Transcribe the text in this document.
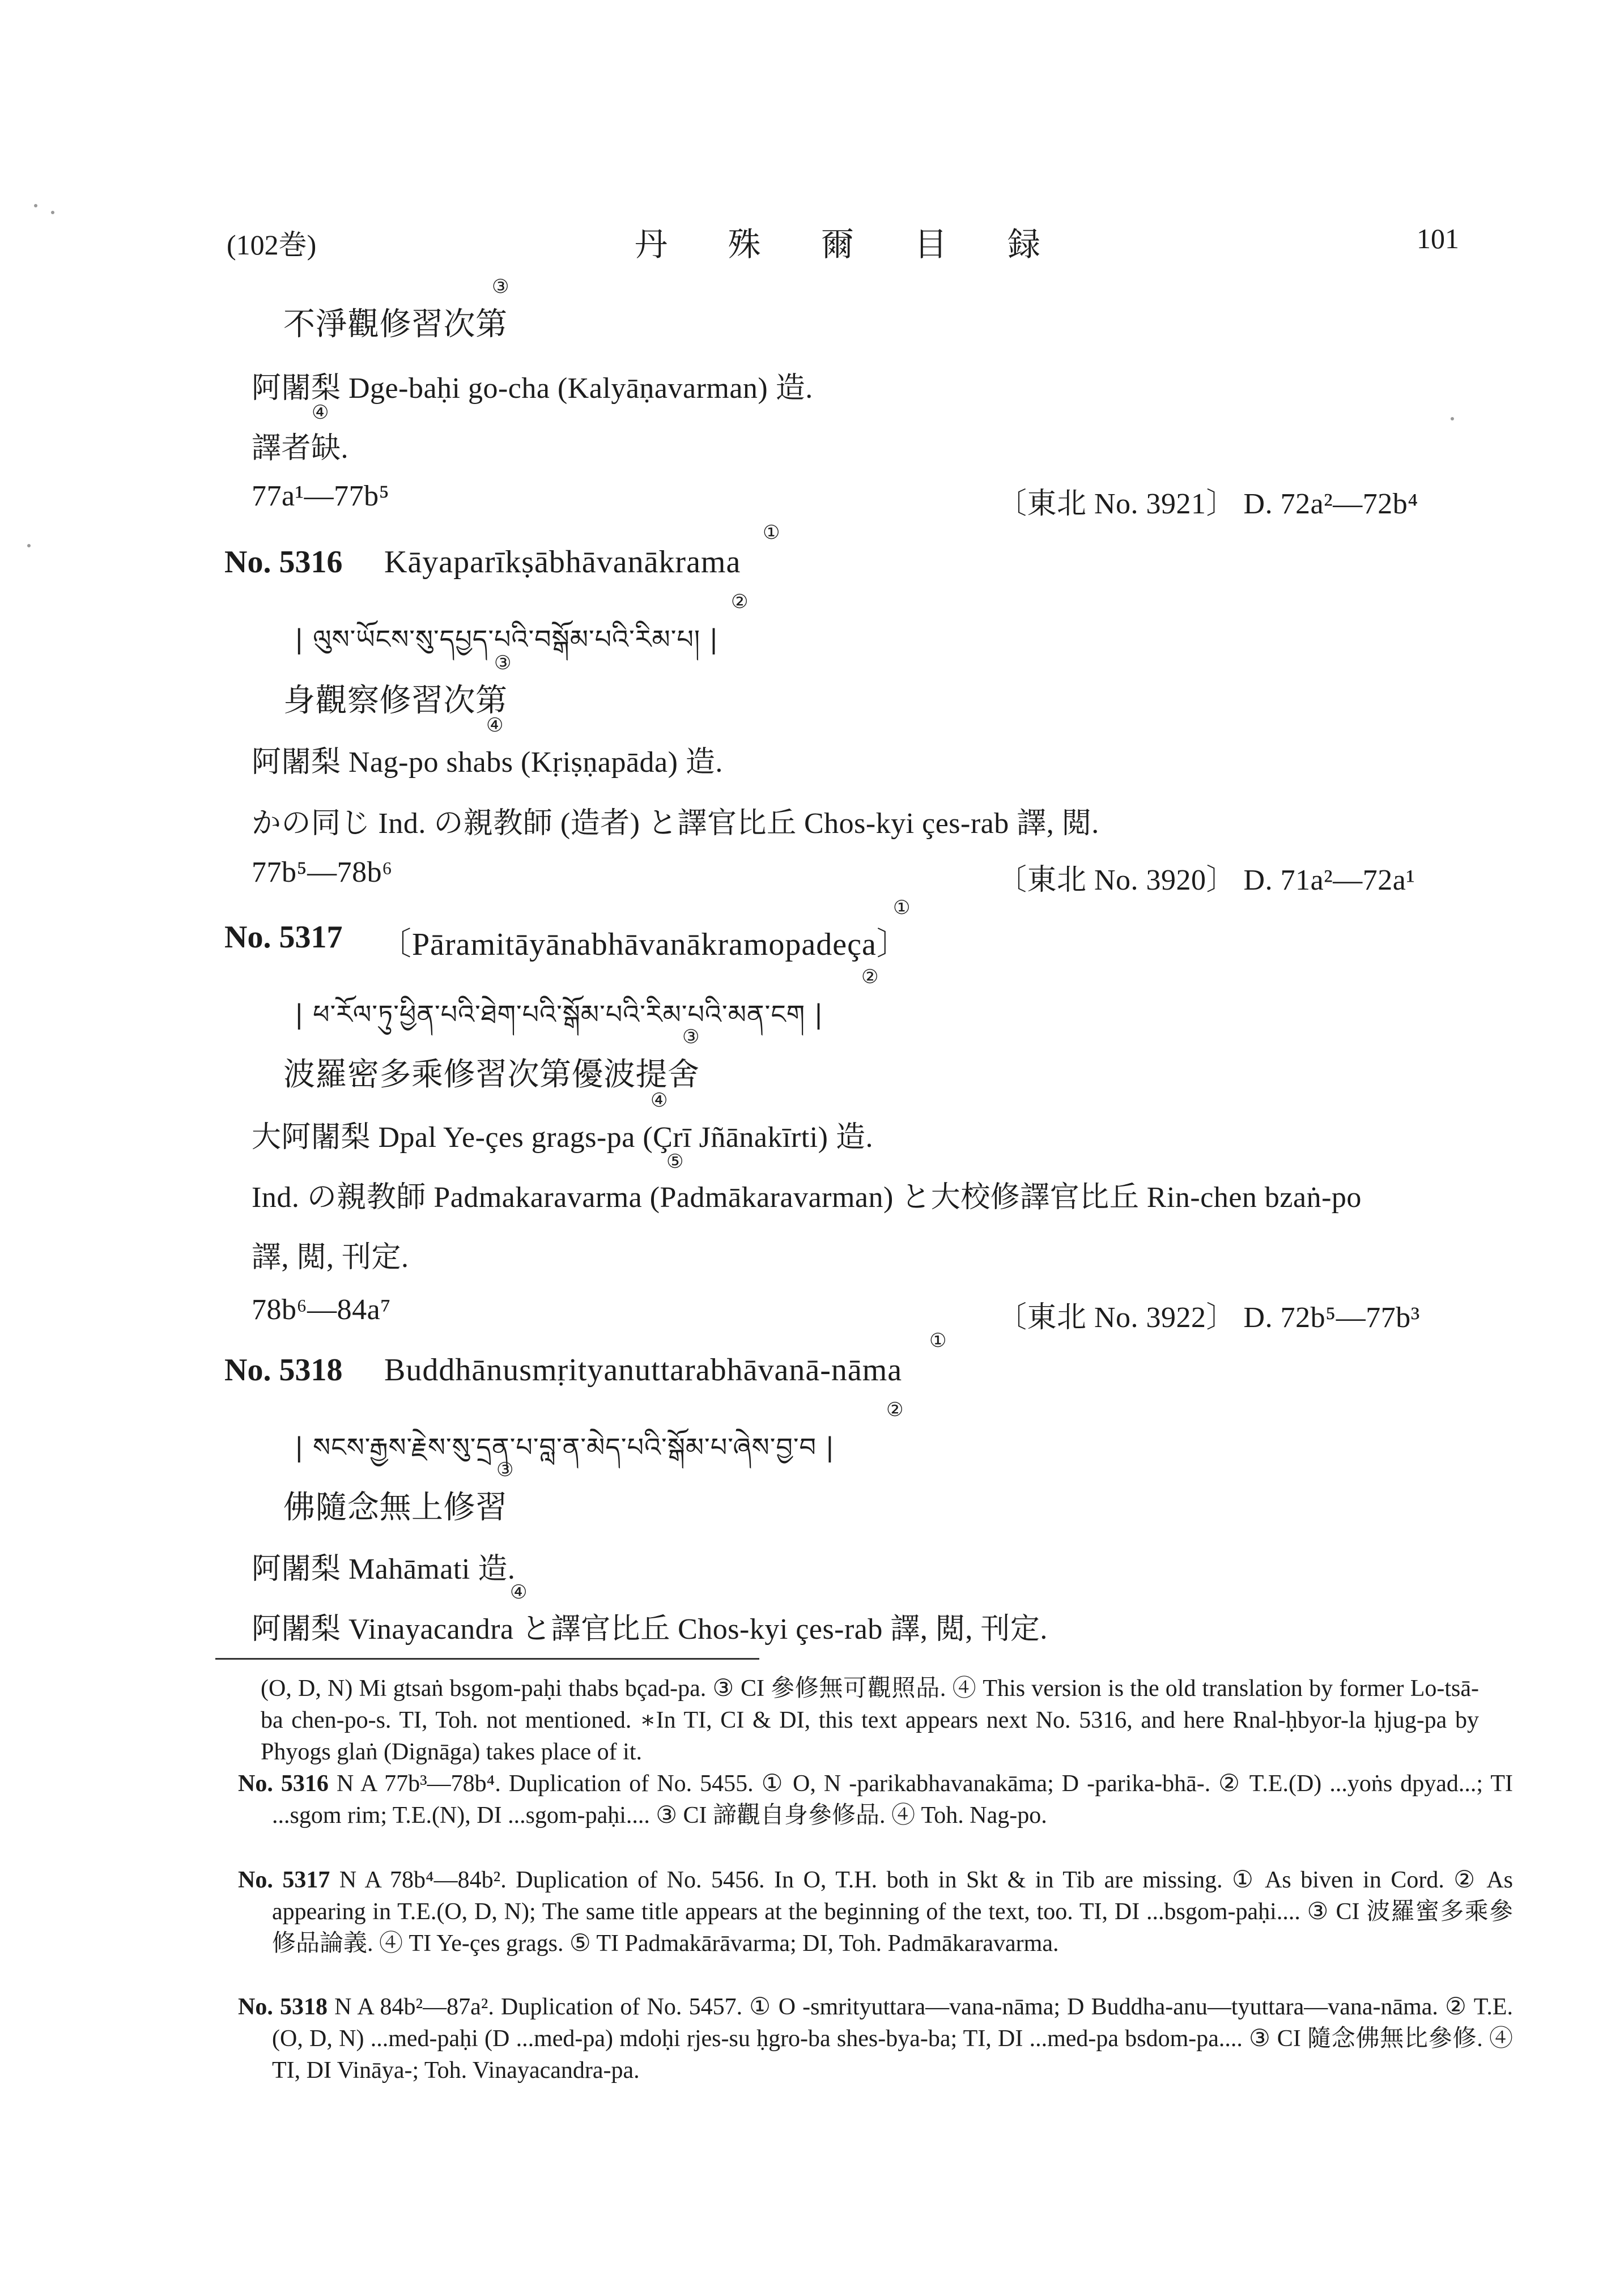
(102巻)	丹 殊 爾 目 録	101
不淨觀修習次第
③
阿闍梨 Dge-baḥi go-cha (Kalyāṇavarman) 造.
譯者缺.
④
77a¹—77b⁵	〔東北 No. 3921〕 D. 72a²—72b⁴
①
No. 5316 Kāyaparīkṣābhāvanākrama
| ལུས་ཡོངས་སུ་དཔྱད་པའི་བསྒོམ་པའི་རིམ་པ། |
②
身觀察修習次第
③
阿闍梨 Nag-po shabs (Kṛiṣṇapāda) 造.
④
かの同じ Ind. の親教師 (造者) と譯官比丘 Chos-kyi çes-rab 譯, 閲.
77b⁵—78b⁶	〔東北 No. 3920〕 D. 71a²—72a¹
①
No. 5317 〔Pāramitāyānabhāvanākramopadeça〕
| ཕ་རོལ་ཏུ་ཕྱིན་པའི་ཐེག་པའི་སྒོམ་པའི་རིམ་པའི་མན་ངག |
②
波羅密多乘修習次第優波提舍
③
大阿闍梨 Dpal Ye-çes grags-pa (Çrī Jñānakīrti) 造.
④
Ind. の親教師 Padmakaravarma (Padmākaravarman) と大校修譯官比丘 Rin-chen bzaṅ-po
⑤
譯, 閲, 刊定.
78b⁶—84a⁷	〔東北 No. 3922〕 D. 72b⁵—77b³
①
No. 5318 Buddhānusmṛityanuttarabhāvanā-nāma
| སངས་རྒྱས་རྗེས་སུ་དྲན་པ་བླ་ན་མེད་པའི་སྒོམ་པ་ཞེས་བྱ་བ |
②
佛隨念無上修習
③
阿闍梨 Mahāmati 造.
阿闍梨 Vinayacandra と譯官比丘 Chos-kyi çes-rab 譯, 閲, 刊定.
④
(O, D, N) Mi gtsaṅ bsgom-paḥi thabs bçad-pa. ③ CI 參修無可觀照品. ④ This version is the old translation by former Lo-tsā-ba chen-po-s. TI, Toh. not mentioned. ∗In TI, CI & DI, this text appears next No. 5316, and here Rnal-ḥbyor-la ḥjug-pa by Phyogs glaṅ (Dignāga) takes place of it.
No. 5316 N A 77b³—78b⁴. Duplication of No. 5455. ① O, N -parikabhavanakāma; D -parika-bhā-. ② T.E.(D) ...yoṅs dpyad...; TI ...sgom rim; T.E.(N), DI ...sgom-paḥi.... ③ CI 諦觀自身參修品. ④ Toh. Nag-po.
No. 5317 N A 78b⁴—84b². Duplication of No. 5456. In O, T.H. both in Skt & in Tib are missing. ① As biven in Cord. ② As appearing in T.E.(O, D, N); The same title appears at the beginning of the text, too. TI, DI ...bsgom-paḥi.... ③ CI 波羅蜜多乘參修品論義. ④ TI Ye-çes grags. ⑤ TI Padmakārāvarma; DI, Toh. Padmākaravarma.
No. 5318 N A 84b²—87a². Duplication of No. 5457. ① O -smrityuttara—vana-nāma; D Buddha-anu—tyuttara—vana-nāma. ② T.E.(O, D, N) ...med-paḥi (D ...med-pa) mdoḥi rjes-su ḥgro-ba shes-bya-ba; TI, DI ...med-pa bsdom-pa.... ③ CI 隨念佛無比參修. ④ TI, DI Vināya-; Toh. Vinayacandra-pa.
